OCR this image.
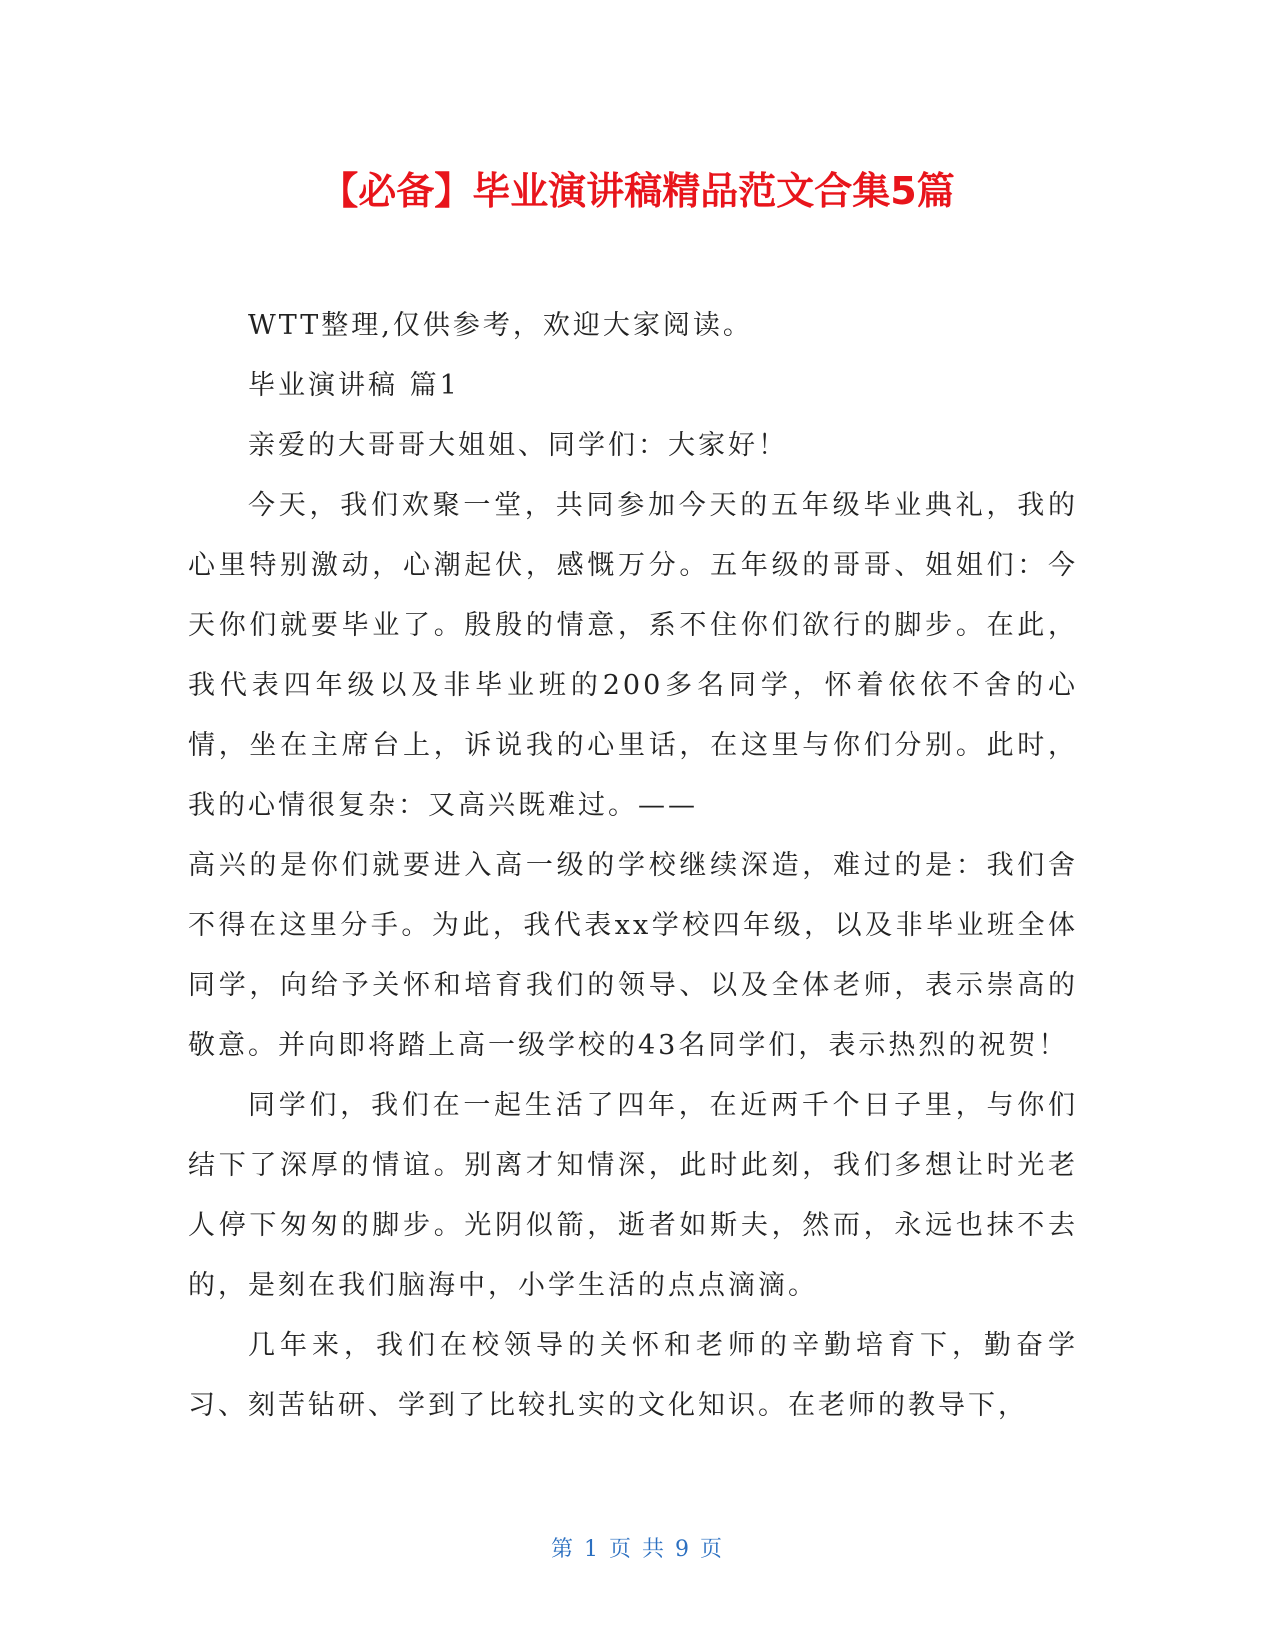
【必备】毕业演讲稿精品范文合集5篇

WTT整理,仅供参考，欢迎大家阅读。

毕业演讲稿 篇1

亲爱的大哥哥大姐姐、同学们：大家好！

今天，我们欢聚一堂，共同参加今天的五年级毕业典礼，我的心里特别激动，心潮起伏，感慨万分。五年级的哥哥、姐姐们：今天你们就要毕业了。殷殷的情意，系不住你们欲行的脚步。在此，我代表四年级以及非毕业班的200多名同学，怀着依依不舍的心情，坐在主席台上，诉说我的心里话，在这里与你们分别。此时，我的心情很复杂：又高兴既难过。——

高兴的是你们就要进入高一级的学校继续深造，难过的是：我们舍不得在这里分手。为此，我代表xx学校四年级，以及非毕业班全体同学，向给予关怀和培育我们的领导、以及全体老师，表示崇高的敬意。并向即将踏上高一级学校的43名同学们，表示热烈的祝贺！

同学们，我们在一起生活了四年，在近两千个日子里，与你们结下了深厚的情谊。别离才知情深，此时此刻，我们多想让时光老人停下匆匆的脚步。光阴似箭，逝者如斯夫，然而，永远也抹不去的，是刻在我们脑海中，小学生活的点点滴滴。

几年来，我们在校领导的关怀和老师的辛勤培育下，勤奋学习、刻苦钻研、学到了比较扎实的文化知识。在老师的教导下，

第 1 页 共 9 页
